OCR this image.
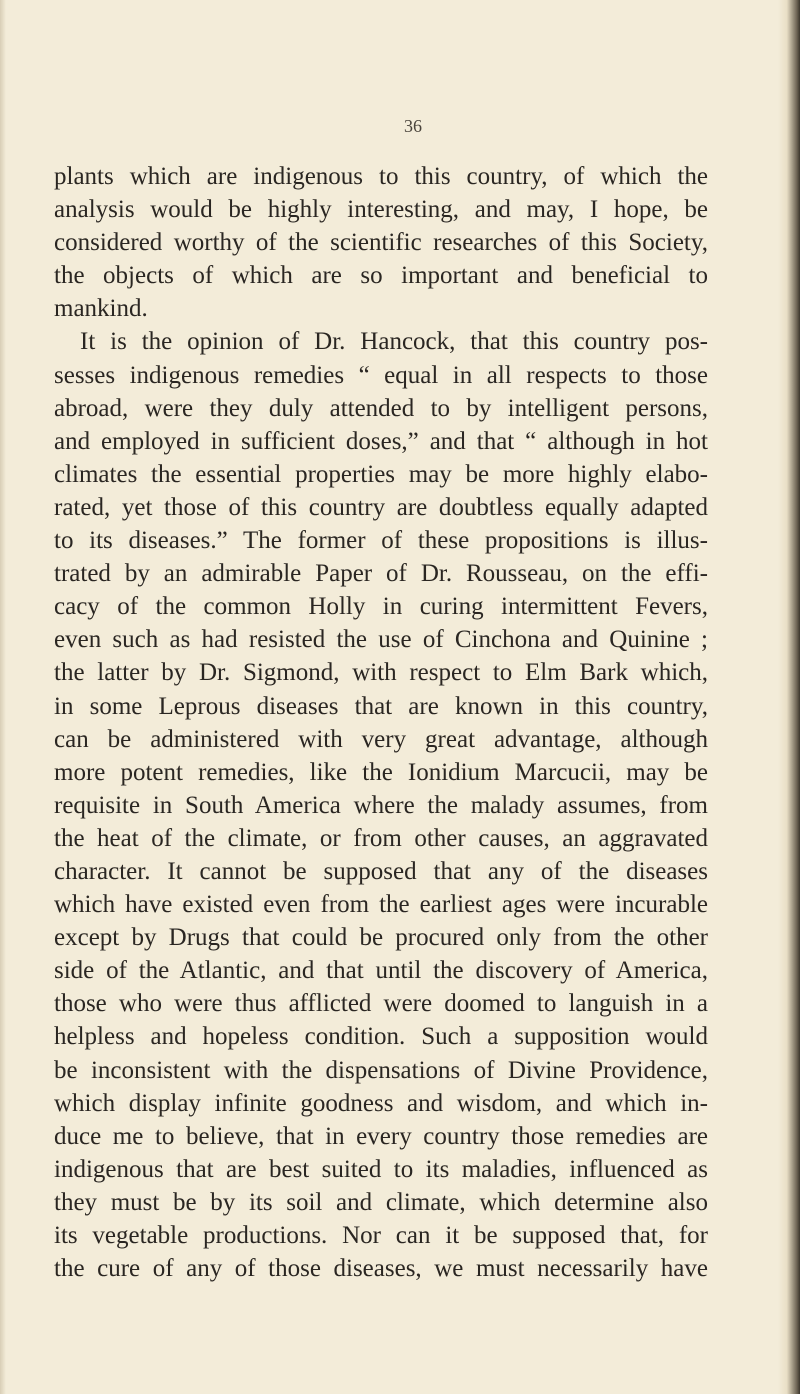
36

plants which are indigenous to this country, of which the
analysis would be highly interesting, and may, I hope, be
considered worthy of the scientific researches of this Society,
the objects of which are so important and beneficial to
mankind.
It is the opinion of Dr. Hancock, that this country pos-
sesses indigenous remedies “ equal in all respects to those
abroad, were they duly attended to by intelligent persons,
and employed in sufficient doses,” and that “ although in hot
climates the essential properties may be more highly elabo-
rated, yet those of this country are doubtless equally adapted
to its diseases.” The former of these propositions is illus-
trated by an admirable Paper of Dr. Rousseau, on the effi-
cacy of the common Holly in curing intermittent Fevers,
even such as had resisted the use of Cinchona and Quinine ;
the latter by Dr. Sigmond, with respect to Elm Bark which,
in some Leprous diseases that are known in this country,
can be administered with very great advantage, although
more potent remedies, like the Ionidium Marcucii, may be
requisite in South America where the malady assumes, from
the heat of the climate, or from other causes, an aggravated
character. It cannot be supposed that any of the diseases
which have existed even from the earliest ages were incurable
except by Drugs that could be procured only from the other
side of the Atlantic, and that until the discovery of America,
those who were thus afflicted were doomed to languish in a
helpless and hopeless condition. Such a supposition would
be inconsistent with the dispensations of Divine Providence,
which display infinite goodness and wisdom, and which in-
duce me to believe, that in every country those remedies are
indigenous that are best suited to its maladies, influenced as
they must be by its soil and climate, which determine also
its vegetable productions. Nor can it be supposed that, for
the cure of any of those diseases, we must necessarily have
